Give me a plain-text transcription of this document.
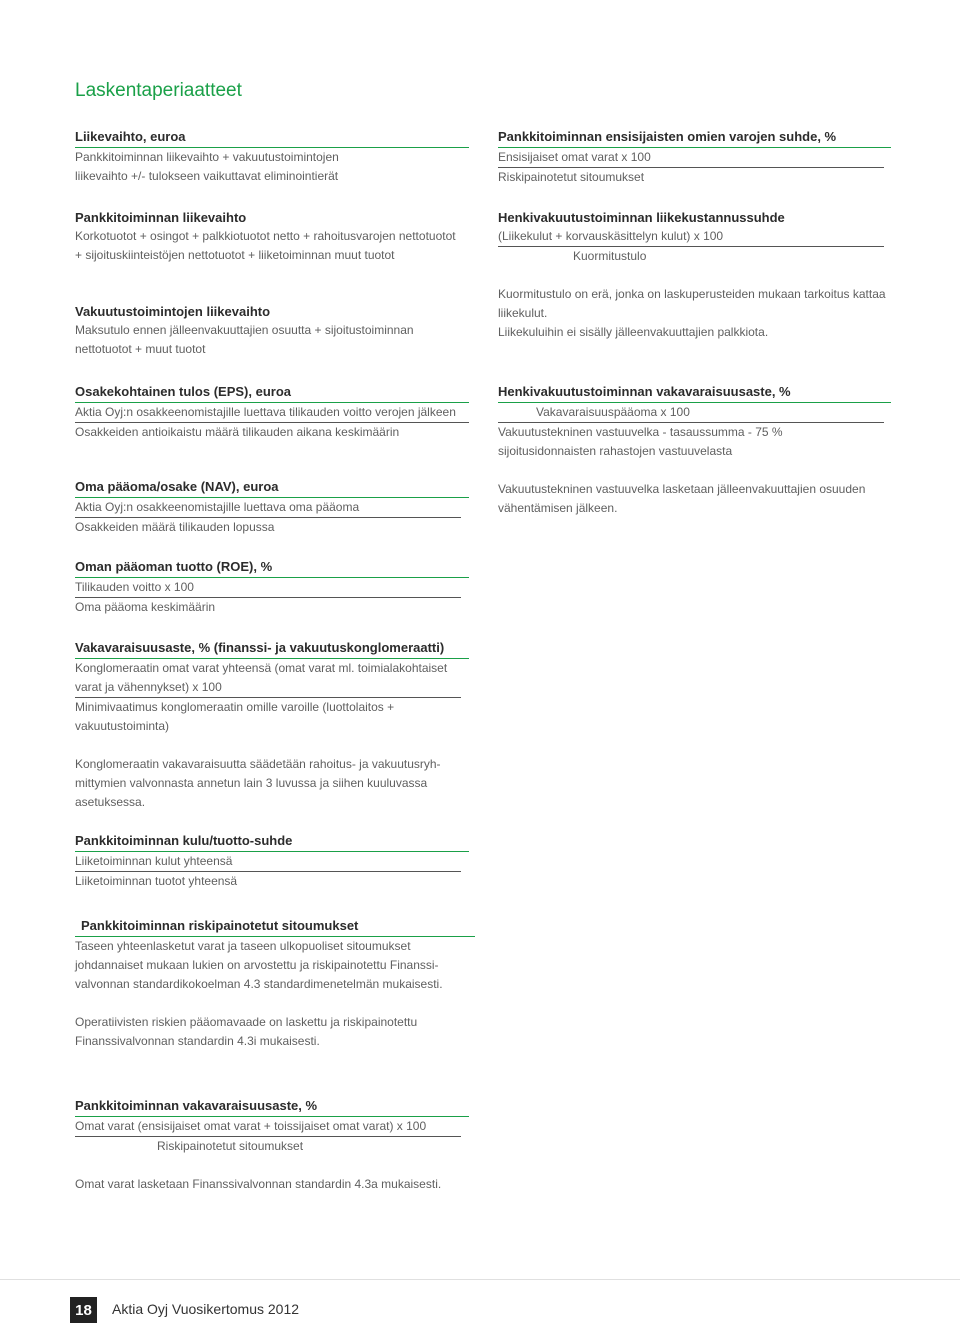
Laskentaperiaatteet
Liikevaihto, euroa
Pankkitoiminnan liikevaihto + vakuutustoimintojen
liikevaihto +/- tulokseen vaikuttavat eliminointierät
Pankkitoiminnan liikevaihto
Korkotuotot + osingot + palkkiotuotot netto + rahoitusvarojen nettotuotot
+ sijoituskiinteistöjen nettotuotot + liiketoiminnan muut tuotot
Vakuutustoimintojen liikevaihto
Maksutulo ennen jälleenvakuuttajien osuutta + sijoitustoiminnan
nettotuotot + muut tuotot
Osakekohtainen tulos (EPS), euroa
Aktia Oyj:n osakkeenomistajille luettava tilikauden voitto verojen jälkeen
Osakkeiden antioikaistu määrä tilikauden aikana keskimäärin
Oma pääoma/osake (NAV), euroa
Aktia Oyj:n osakkeenomistajille luettava oma pääoma
Osakkeiden määrä tilikauden lopussa
Oman pääoman tuotto (ROE), %
Tilikauden voitto x 100
Oma pääoma keskimäärin
Vakavaraisuusaste, % (finanssi- ja vakuutuskonglomeraatti)
Konglomeraatin omat varat yhteensä (omat varat ml. toimialakohtaiset
varat ja vähennykset) x 100
Minimivaatimus konglomeraatin omille varoille (luottolaitos +
vakuutustoiminta)
Konglomeraatin vakavaraisuutta säädetään rahoitus- ja vakuutusryh-
mittymien valvonnasta annetun lain 3 luvussa ja siihen kuuluvassa
asetuksessa.
Pankkitoiminnan kulu/tuotto-suhde
Liiketoiminnan kulut yhteensä
Liiketoiminnan tuotot yhteensä
Pankkitoiminnan riskipainotetut sitoumukset
Taseen yhteenlasketut varat ja taseen ulkopuoliset sitoumukset
johdannaiset mukaan lukien on arvostettu ja riskipainotettu Finanssi-
valvonnan standardikokoelman 4.3 standardimenetelmän mukaisesti.
Operatiivisten riskien pääomavaade on laskettu ja riskipainotettu
Finanssivalvonnan standardin 4.3i mukaisesti.
Pankkitoiminnan vakavaraisuusaste, %
Omat varat (ensisijaiset omat varat + toissijaiset omat varat) x 100
Riskipainotetut sitoumukset
Omat varat lasketaan Finanssivalvonnan standardin 4.3a mukaisesti.
Pankkitoiminnan ensisijaisten omien varojen suhde, %
Ensisijaiset omat varat x 100
Riskipainotetut sitoumukset
Henkivakuutustoiminnan liikekustannussuhde
(Liikekulut + korvauskäsittelyn kulut) x 100
Kuormitustulo
Kuormitustulo on erä, jonka on laskuperusteiden mukaan tarkoitus kattaa
liikekulut.
Liikekuluihin ei sisälly jälleenvakuuttajien palkkiota.
Henkivakuutustoiminnan vakavaraisuusaste, %
Vakavaraisuuspääoma x 100
Vakuutustekninen vastuuvelka - tasaussumma - 75 %
sijoitusidonnaisten rahastojen vastuuvelasta
Vakuutustekninen vastuuvelka lasketaan jälleenvakuuttajien osuuden
vähentämisen jälkeen.
18	Aktia Oyj Vuosikertomus 2012
